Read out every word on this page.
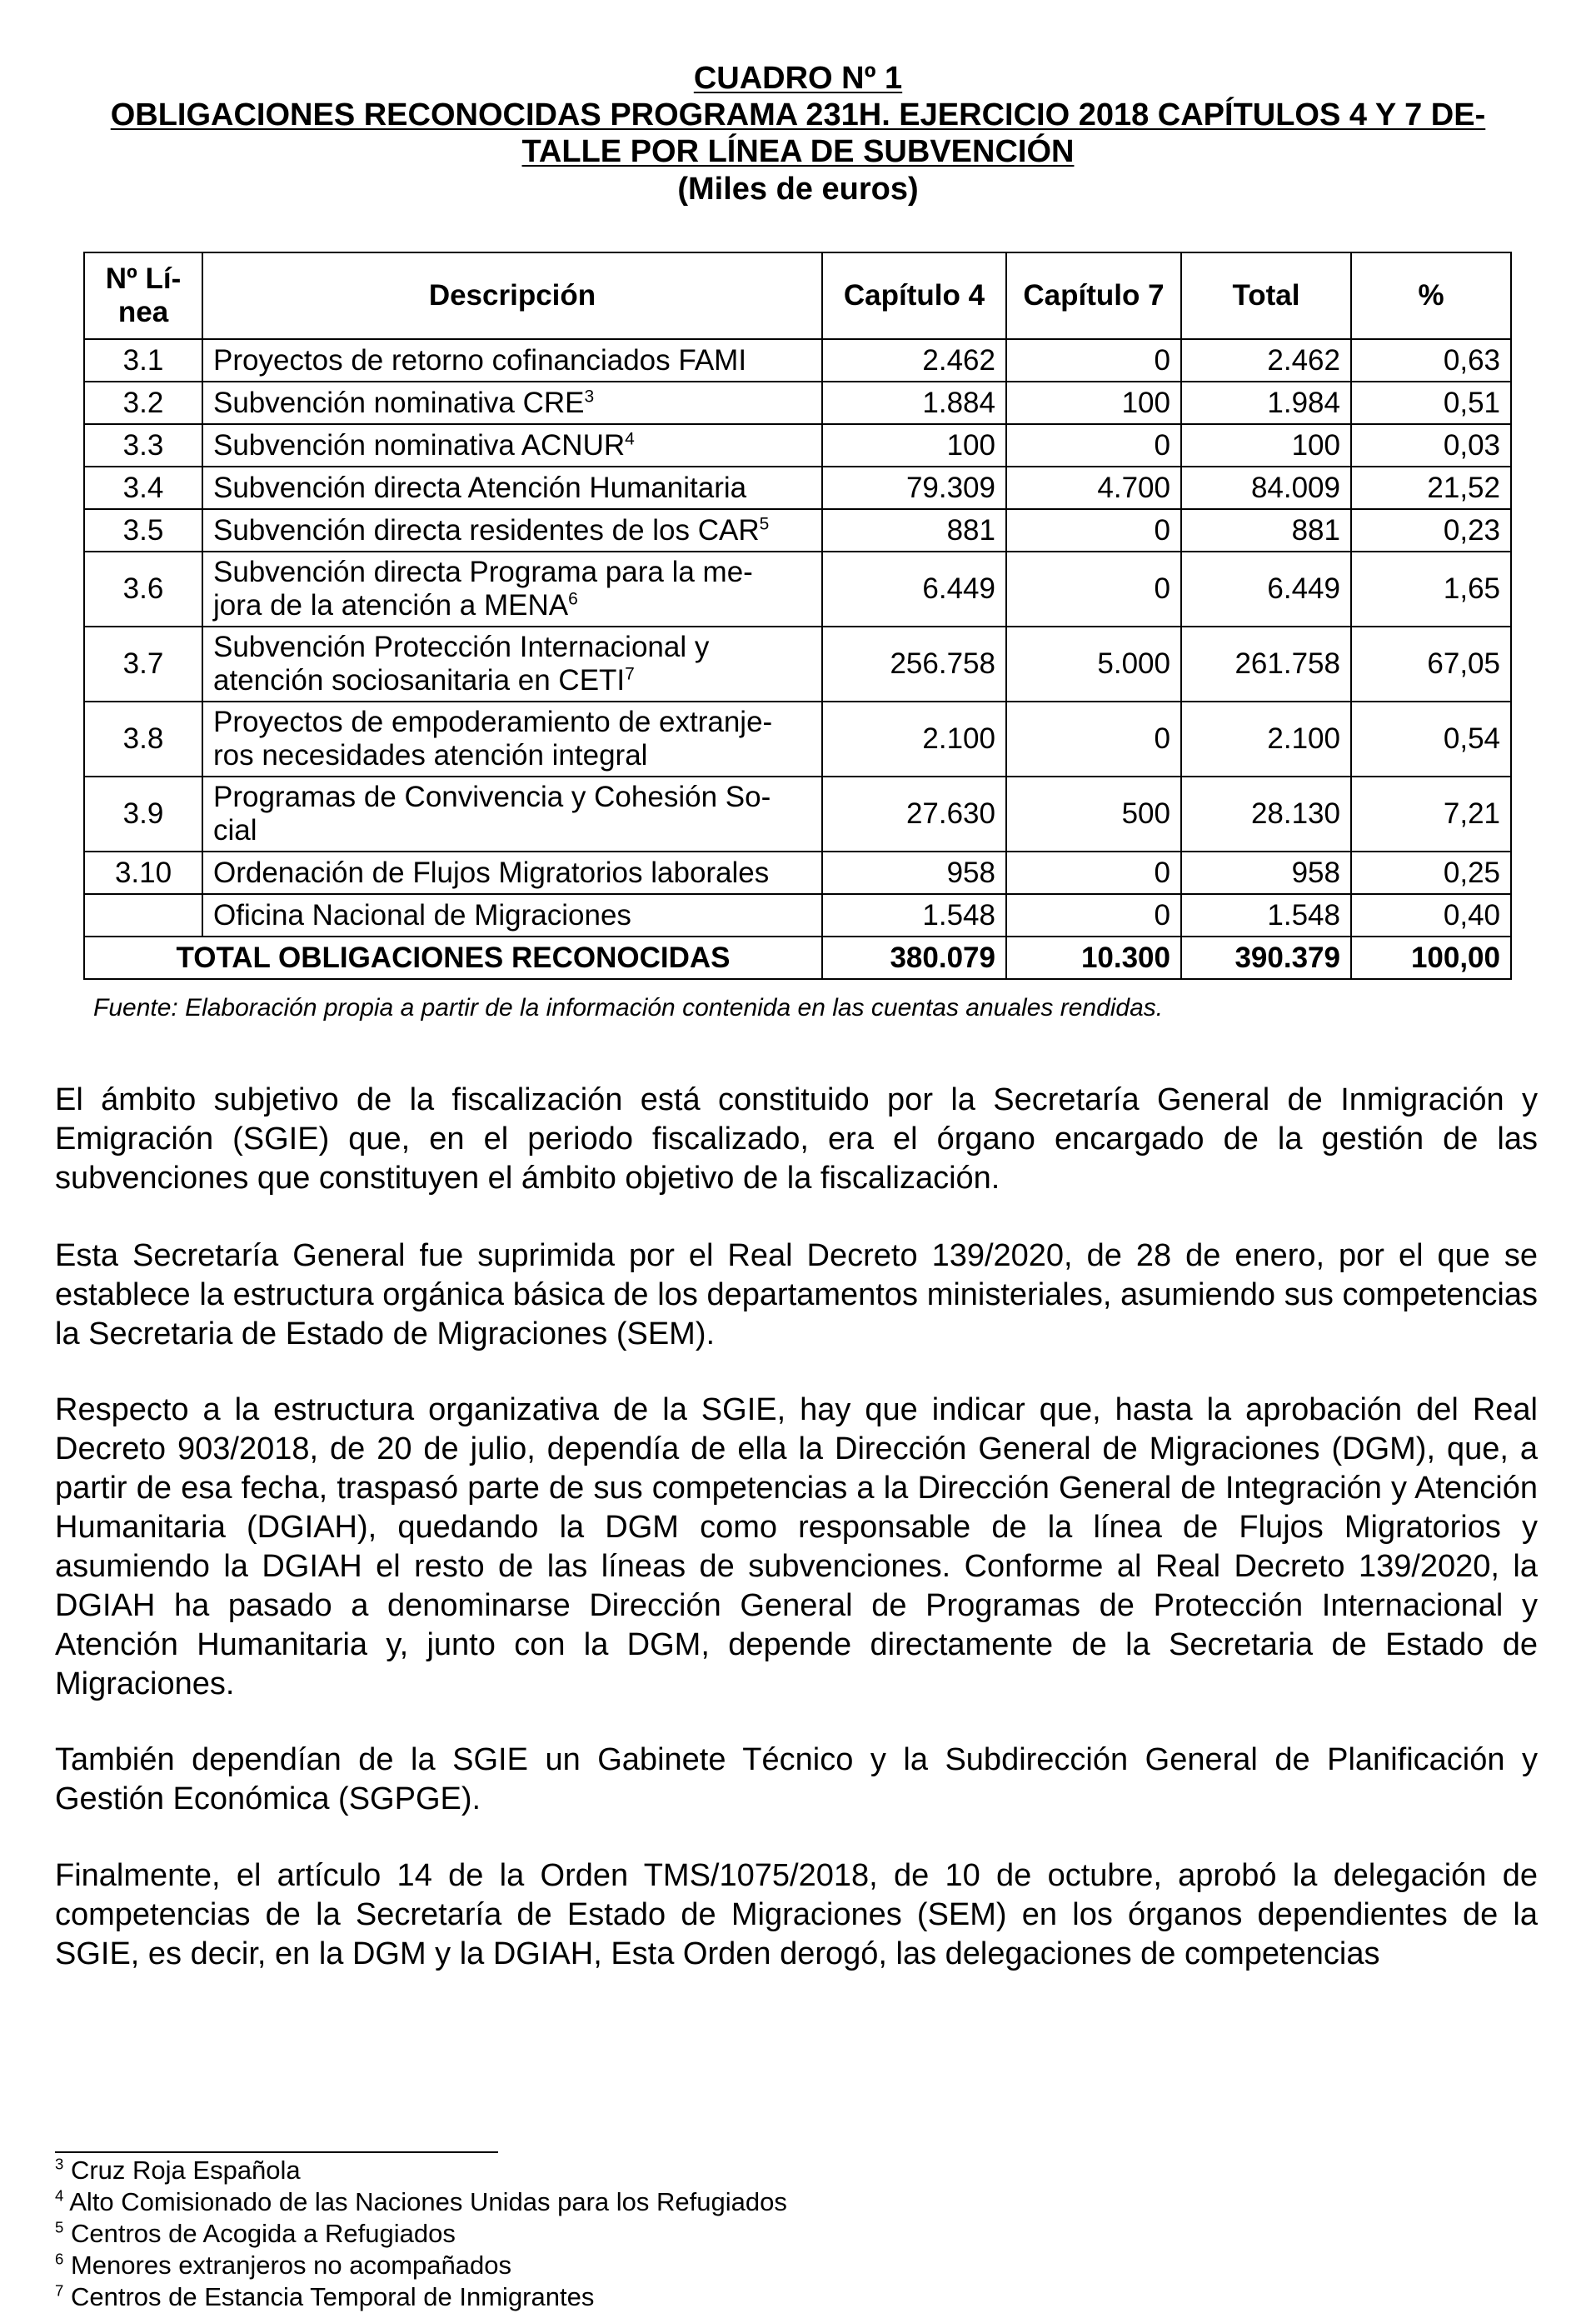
CUADRO Nº 1
OBLIGACIONES RECONOCIDAS PROGRAMA 231H. EJERCICIO 2018 CAPÍTULOS 4 Y 7 DE-
TALLE POR LÍNEA DE SUBVENCIÓN
(Miles de euros)
Nº Lí-
nea	Descripción	Capítulo 4	Capítulo 7	Total	%
3.1	Proyectos de retorno cofinanciados FAMI	2.462	0	2.462	0,63
3.2	Subvención nominativa CRE$^3$	1.884	100	1.984	0,51
3.3	Subvención nominativa ACNUR$^4$	100	0	100	0,03
3.4	Subvención directa Atención Humanitaria	79.309	4.700	84.009	21,52
3.5	Subvención directa residentes de los CAR$^5$	881	0	881	0,23
3.6	Subvención directa Programa para la me-
jora de la atención a MENA$^6$	6.449	0	6.449	1,65
3.7	Subvención Protección Internacional y
atención sociosanitaria en CETI$^7$	256.758	5.000	261.758	67,05
3.8	Proyectos de empoderamiento de extranje-
ros necesidades atención integral	2.100	0	2.100	0,54
3.9	Programas de Convivencia y Cohesión So-
cial	27.630	500	28.130	7,21
3.10	Ordenación de Flujos Migratorios laborales	958	0	958	0,25
	Oficina Nacional de Migraciones	1.548	0	1.548	0,40
TOTAL OBLIGACIONES RECONOCIDAS		380.079	10.300	390.379	100,00
Fuente: Elaboración propia a partir de la información contenida en las cuentas anuales rendidas.

El ámbito subjetivo de la fiscalización está constituido por la Secretaría General de Inmigración y Emigración (SGIE) que, en el periodo fiscalizado, era el órgano encargado de la gestión de las subvenciones que constituyen el ámbito objetivo de la fiscalización.

Esta Secretaría General fue suprimida por el Real Decreto 139/2020, de 28 de enero, por el que se establece la estructura orgánica básica de los departamentos ministeriales, asumiendo sus competencias la Secretaria de Estado de Migraciones (SEM).

Respecto a la estructura organizativa de la SGIE, hay que indicar que, hasta la aprobación del Real Decreto 903/2018, de 20 de julio, dependía de ella la Dirección General de Migraciones (DGM), que, a partir de esa fecha, traspasó parte de sus competencias a la Dirección General de Integración y Atención Humanitaria (DGIAH), quedando la DGM como responsable de la línea de Flujos Migratorios y asumiendo la DGIAH el resto de las líneas de subvenciones. Conforme al Real Decreto 139/2020, la DGIAH ha pasado a denominarse Dirección General de Programas de Protección Internacional y Atención Humanitaria y, junto con la DGM, depende directamente de la Secretaria de Estado de Migraciones.

También dependían de la SGIE un Gabinete Técnico y la Subdirección General de Planificación y Gestión Económica (SGPGE).

Finalmente, el artículo 14 de la Orden TMS/1075/2018, de 10 de octubre, aprobó la delegación de competencias de la Secretaría de Estado de Migraciones (SEM) en los órganos dependientes de la SGIE, es decir, en la DGM y la DGIAH, Esta Orden derogó, las delegaciones de competencias

$^3$ Cruz Roja Española
$^4$ Alto Comisionado de las Naciones Unidas para los Refugiados
$^5$ Centros de Acogida a Refugiados
$^6$ Menores extranjeros no acompañados
$^7$ Centros de Estancia Temporal de Inmigrantes
